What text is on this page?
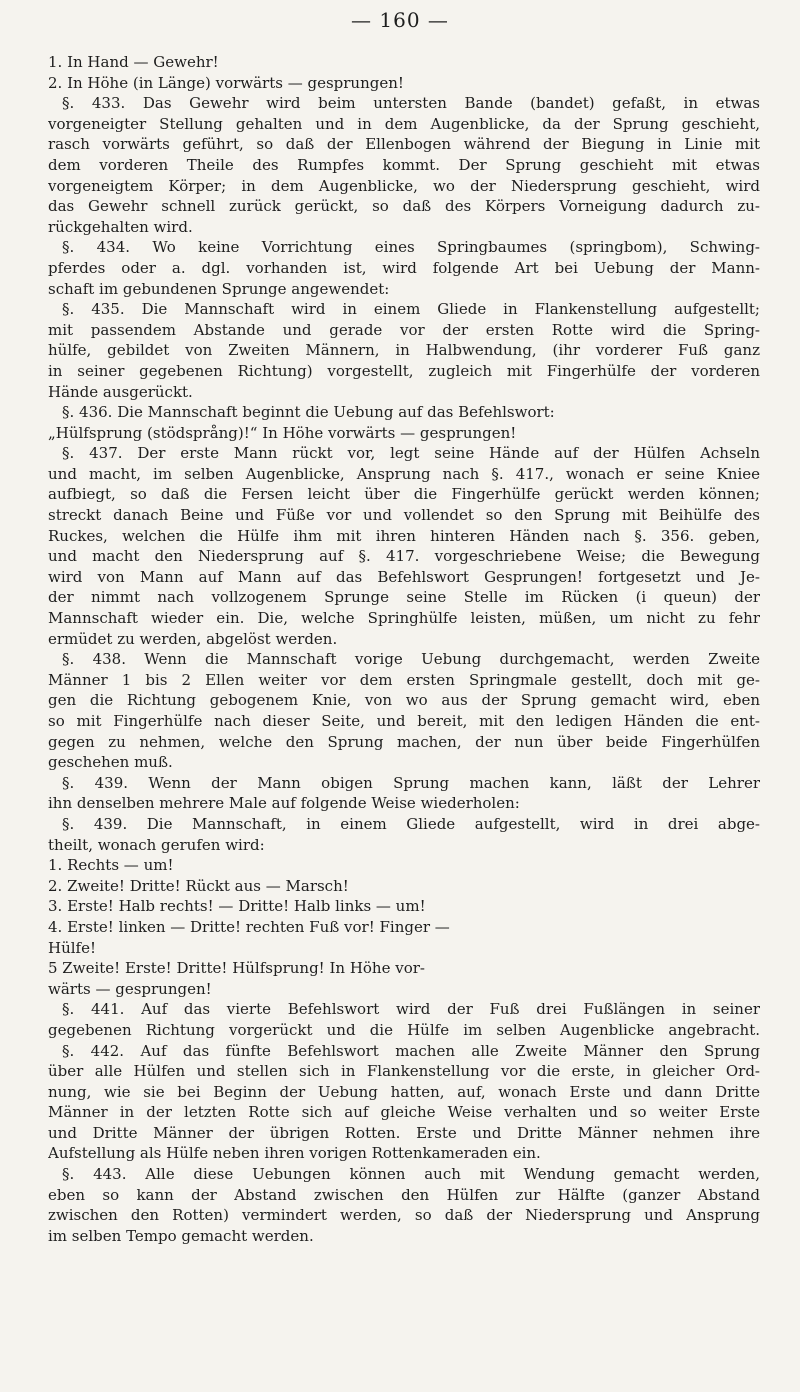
— 160 —
1. In Hand — Gewehr!
2. In Höhe (in Länge) vorwärts — gesprungen!
§. 433. Das Gewehr wird beim untersten Bande (bandet) gefaßt, in etwas
vorgeneigter Stellung gehalten und in dem Augenblicke, da der Sprung geschieht,
rasch vorwärts geführt, so daß der Ellenbogen während der Biegung in Linie mit
dem vorderen Theile des Rumpfes kommt. Der Sprung geschieht mit etwas
vorgeneigtem Körper; in dem Augenblicke, wo der Niedersprung geschieht, wird
das Gewehr schnell zurück gerückt, so daß des Körpers Vorneigung dadurch zu-
rückgehalten wird.
§. 434. Wo keine Vorrichtung eines Springbaumes (springbom), Schwing-
pferdes oder a. dgl. vorhanden ist, wird folgende Art bei Uebung der Mann-
schaft im gebundenen Sprunge angewendet:
§. 435. Die Mannschaft wird in einem Gliede in Flankenstellung aufgestellt;
mit passendem Abstande und gerade vor der ersten Rotte wird die Spring-
hülfe, gebildet von Zweiten Männern, in Halbwendung, (ihr vorderer Fuß ganz
in seiner gegebenen Richtung) vorgestellt, zugleich mit Fingerhülfe der vorderen
Hände ausgerückt.
§. 436. Die Mannschaft beginnt die Uebung auf das Befehlswort:
„Hülfsprung (stödsprång)!“ In Höhe vorwärts — gesprungen!
§. 437. Der erste Mann rückt vor, legt seine Hände auf der Hülfen Achseln
und macht, im selben Augenblicke, Ansprung nach §. 417., wonach er seine Kniee
aufbiegt, so daß die Fersen leicht über die Fingerhülfe gerückt werden können;
streckt danach Beine und Füße vor und vollendet so den Sprung mit Beihülfe des
Ruckes, welchen die Hülfe ihm mit ihren hinteren Händen nach §. 356. geben,
und macht den Niedersprung auf §. 417. vorgeschriebene Weise; die Bewegung
wird von Mann auf Mann auf das Befehlswort Gesprungen! fortgesetzt und Je-
der nimmt nach vollzogenem Sprunge seine Stelle im Rücken (i queun) der
Mannschaft wieder ein. Die, welche Springhülfe leisten, müßen, um nicht zu fehr
ermüdet zu werden, abgelöst werden.
§. 438. Wenn die Mannschaft vorige Uebung durchgemacht, werden Zweite
Männer 1 bis 2 Ellen weiter vor dem ersten Springmale gestellt, doch mit ge-
gen die Richtung gebogenem Knie, von wo aus der Sprung gemacht wird, eben
so mit Fingerhülfe nach dieser Seite, und bereit, mit den ledigen Händen die ent-
gegen zu nehmen, welche den Sprung machen, der nun über beide Fingerhülfen
geschehen muß.
§. 439. Wenn der Mann obigen Sprung machen kann, läßt der Lehrer
ihn denselben mehrere Male auf folgende Weise wiederholen:
§. 439. Die Mannschaft, in einem Gliede aufgestellt, wird in drei abge-
theilt, wonach gerufen wird:
1. Rechts — um!
2. Zweite! Dritte! Rückt aus — Marsch!
3. Erste! Halb rechts! — Dritte! Halb links — um!
4. Erste! linken — Dritte! rechten Fuß vor! Finger —
Hülfe!
5 Zweite! Erste! Dritte! Hülfsprung! In Höhe vor-
wärts — gesprungen!
§. 441. Auf das vierte Befehlswort wird der Fuß drei Fußlängen in seiner
gegebenen Richtung vorgerückt und die Hülfe im selben Augenblicke angebracht.
§. 442. Auf das fünfte Befehlswort machen alle Zweite Männer den Sprung
über alle Hülfen und stellen sich in Flankenstellung vor die erste, in gleicher Ord-
nung, wie sie bei Beginn der Uebung hatten, auf, wonach Erste und dann Dritte
Männer in der letzten Rotte sich auf gleiche Weise verhalten und so weiter Erste
und Dritte Männer der übrigen Rotten. Erste und Dritte Männer nehmen ihre
Aufstellung als Hülfe neben ihren vorigen Rottenkameraden ein.
§. 443. Alle diese Uebungen können auch mit Wendung gemacht werden,
eben so kann der Abstand zwischen den Hülfen zur Hälfte (ganzer Abstand
zwischen den Rotten) vermindert werden, so daß der Niedersprung und Ansprung
im selben Tempo gemacht werden.
